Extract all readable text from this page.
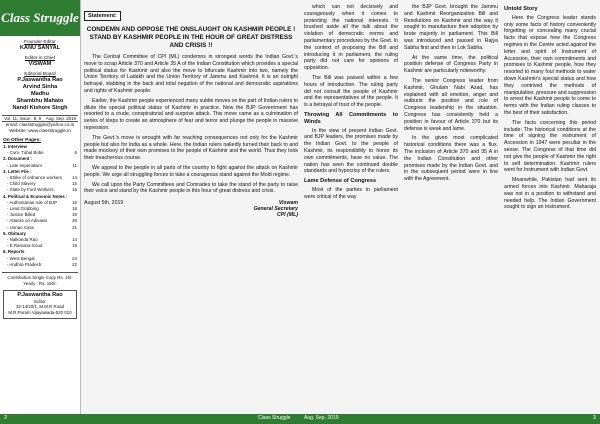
Class Struggle
Founder Editor
KANU SANYAL
Editor in Chief
VISWAM
Editorial Board
P.Jaswantha Rao
Arvind Sinha
Madhu
Shambhu Mahato
Nandi Kishore Singh
Vol. 11, Issue : 8, 9 Aug. Sep. 2019
email: classstruggle@yahoo.co.in
Website: www.classstruggle.in
On Other Pages:
1. Interview
- Com. Tubal Bobe	6
2. Document :
- Late Imperialism	11
3. Letter File :
- Strike of ordnance workers 14
- Child Slavery	15
- State by Ford Workers	16
4. Political & Economic Notes :
- Authoritarian rule of BJP	16
- Land Grabbing	18
- Justice Billed	19
- Attacks on Adivasis	20
- Unnao Case	21
5. Obituary
- Nalkonda Rao	14
- E.Ramana Goud	19
6. Reports
- West Bengal	24
- Andhra Pradesh	22
Contribution Single Copy Rs. 15/-
Yearly : Rs. 150/-
P.Jaswantha Rao
Editor
32-14/20/1, M.M.R Road
M.R.Puram Vijayawada-520 010
Statement:
CONDEMN AND OPPOSE THE ONSLAUGHT ON KASHMIR PEOPLE ! STAND BY KASHMIR PEOPLE IN THE HOUR OF GREAT DISTRESS AND CRISIS !!

The Central Committee of CPI (ML) condemns in strongest words the Indian Govt.'s move to scrap Article 370 and Article 35 A of the Indian Constitution which provides a special political status for Kashmir and also the move to bifurcate Kashmir into two, namely the Union Territory of Ladakh and the Union Territory of Jammu and Kashmir. It is an outright betrayal, stabbing in the back and total negation of the national and democratic aspirations and rights of Kashmir people.

Earlier, the Kashmir people experienced many subtle moves on the part of Indian rulers to dilute the special political status of Kashmir in practice. Now the BJP Government has resorted to a crude, conspiratorial and surprise attack. This move came as a culmination of series of steps to create an atmosphere of fear and terror and plunge the people in massive repression.

The Govt.'s move is wrought with far reaching consequences not only for the Kashmir people but also for India as a whole. Here, the Indian rulers nakedly turned their back to and made mockery of their own promises to the people of Kashmir and the world. Thus they took their treacherous course.

We appeal to the people in all parts of the country to fight against the attack on Kashmir people. We urge all struggling forces to take a courageous stand against the Modi regime.

We call upon the Party Committees and Comrades to take the stand of the party to raise their voice and stand by the Kashmir people in this hour of great distress and crisis.

August 5th, 2019	Viswam
General Secretary
CPI (ML)

which can not decisively and courageously when it comes to protecting the national interests. It brushed aside all the talk about the violation of democratic norms and parliamentary procedures by the Govt. In the context of proposing the Bill and introducing it in parliament, the ruling party did not care for opinions of opposition.

The Bill was passed within a few hours of introduction. The ruling party did not consult the people of Kashmir and the representatives of the people. It is a betrayal of trust of the people.

Throwing All Commitments to Winds

In the view of present Indian Govt. and BJP leaders, the promises made by the Indian Govt. to the people of Kashmir, its responsibility to honor its own commitments, have no value. The nation has seen the continued double standards and hypocrisy of the rulers.

Lame Defense of Congress

Most of the parties in parliament were critical of the way

the BJP Govt. brought the Jammu and Kashmir Reorganization Bill and Resolutions on Kashmir and the way it sought to manufacture their adoption by brute majority in parliament. This Bill was introduced and passed in Rajya Sabha first and then in Lok Sabha.

At the same time, the political position defense of Congress Party in Kashmir are particularly noteworthy.

The senior Congress leader from Kashmir, Ghulam Nabi Azad, has explained with all emotion, anger and outburst the position and role of Congress leadership in the situation. Congress has consistently held a position in favour of Article 370 but its defense is weak and lame.

In the given most complicated historical conditions there was a flux. The inclusion of Article 370 and 35 A in the Indian Constitution and other promises made by the Indian Govt. and in the subsequent period were in line with the Agreement.

Untold Story

Here the Congress leader stands only some facts of history conveniently forgetting or concealing many crucial facts that expose how the Congress regimes in the Centre acted against the letter and spirit of Instrument of Accession, their own commitments and promises to Kashmir people, how they resorted to many foul methods to water down Kashmir's special status and how they contrived the methods of manipulation, pressure and suppression to arrest the Kashmir people to come to terms with the Indian ruling classes to the best of their satisfaction.

The facts concerning this period include: The historical conditions at the time of signing the instrument of Accession in 1947 were peculiar in the sense. The Congress of that time did not give the people of Kashmir the right to self determination. Kashmir rulers went for Instrument with Indian Govt.

Meanwhile, Pakistan had sent its armed forces into Kashmir. Maharaja was not in a position to withstand and needed help. The Indian Government sought to sign an Instrument.

2	Class Struggle	Aug. Sep. 2019	3
